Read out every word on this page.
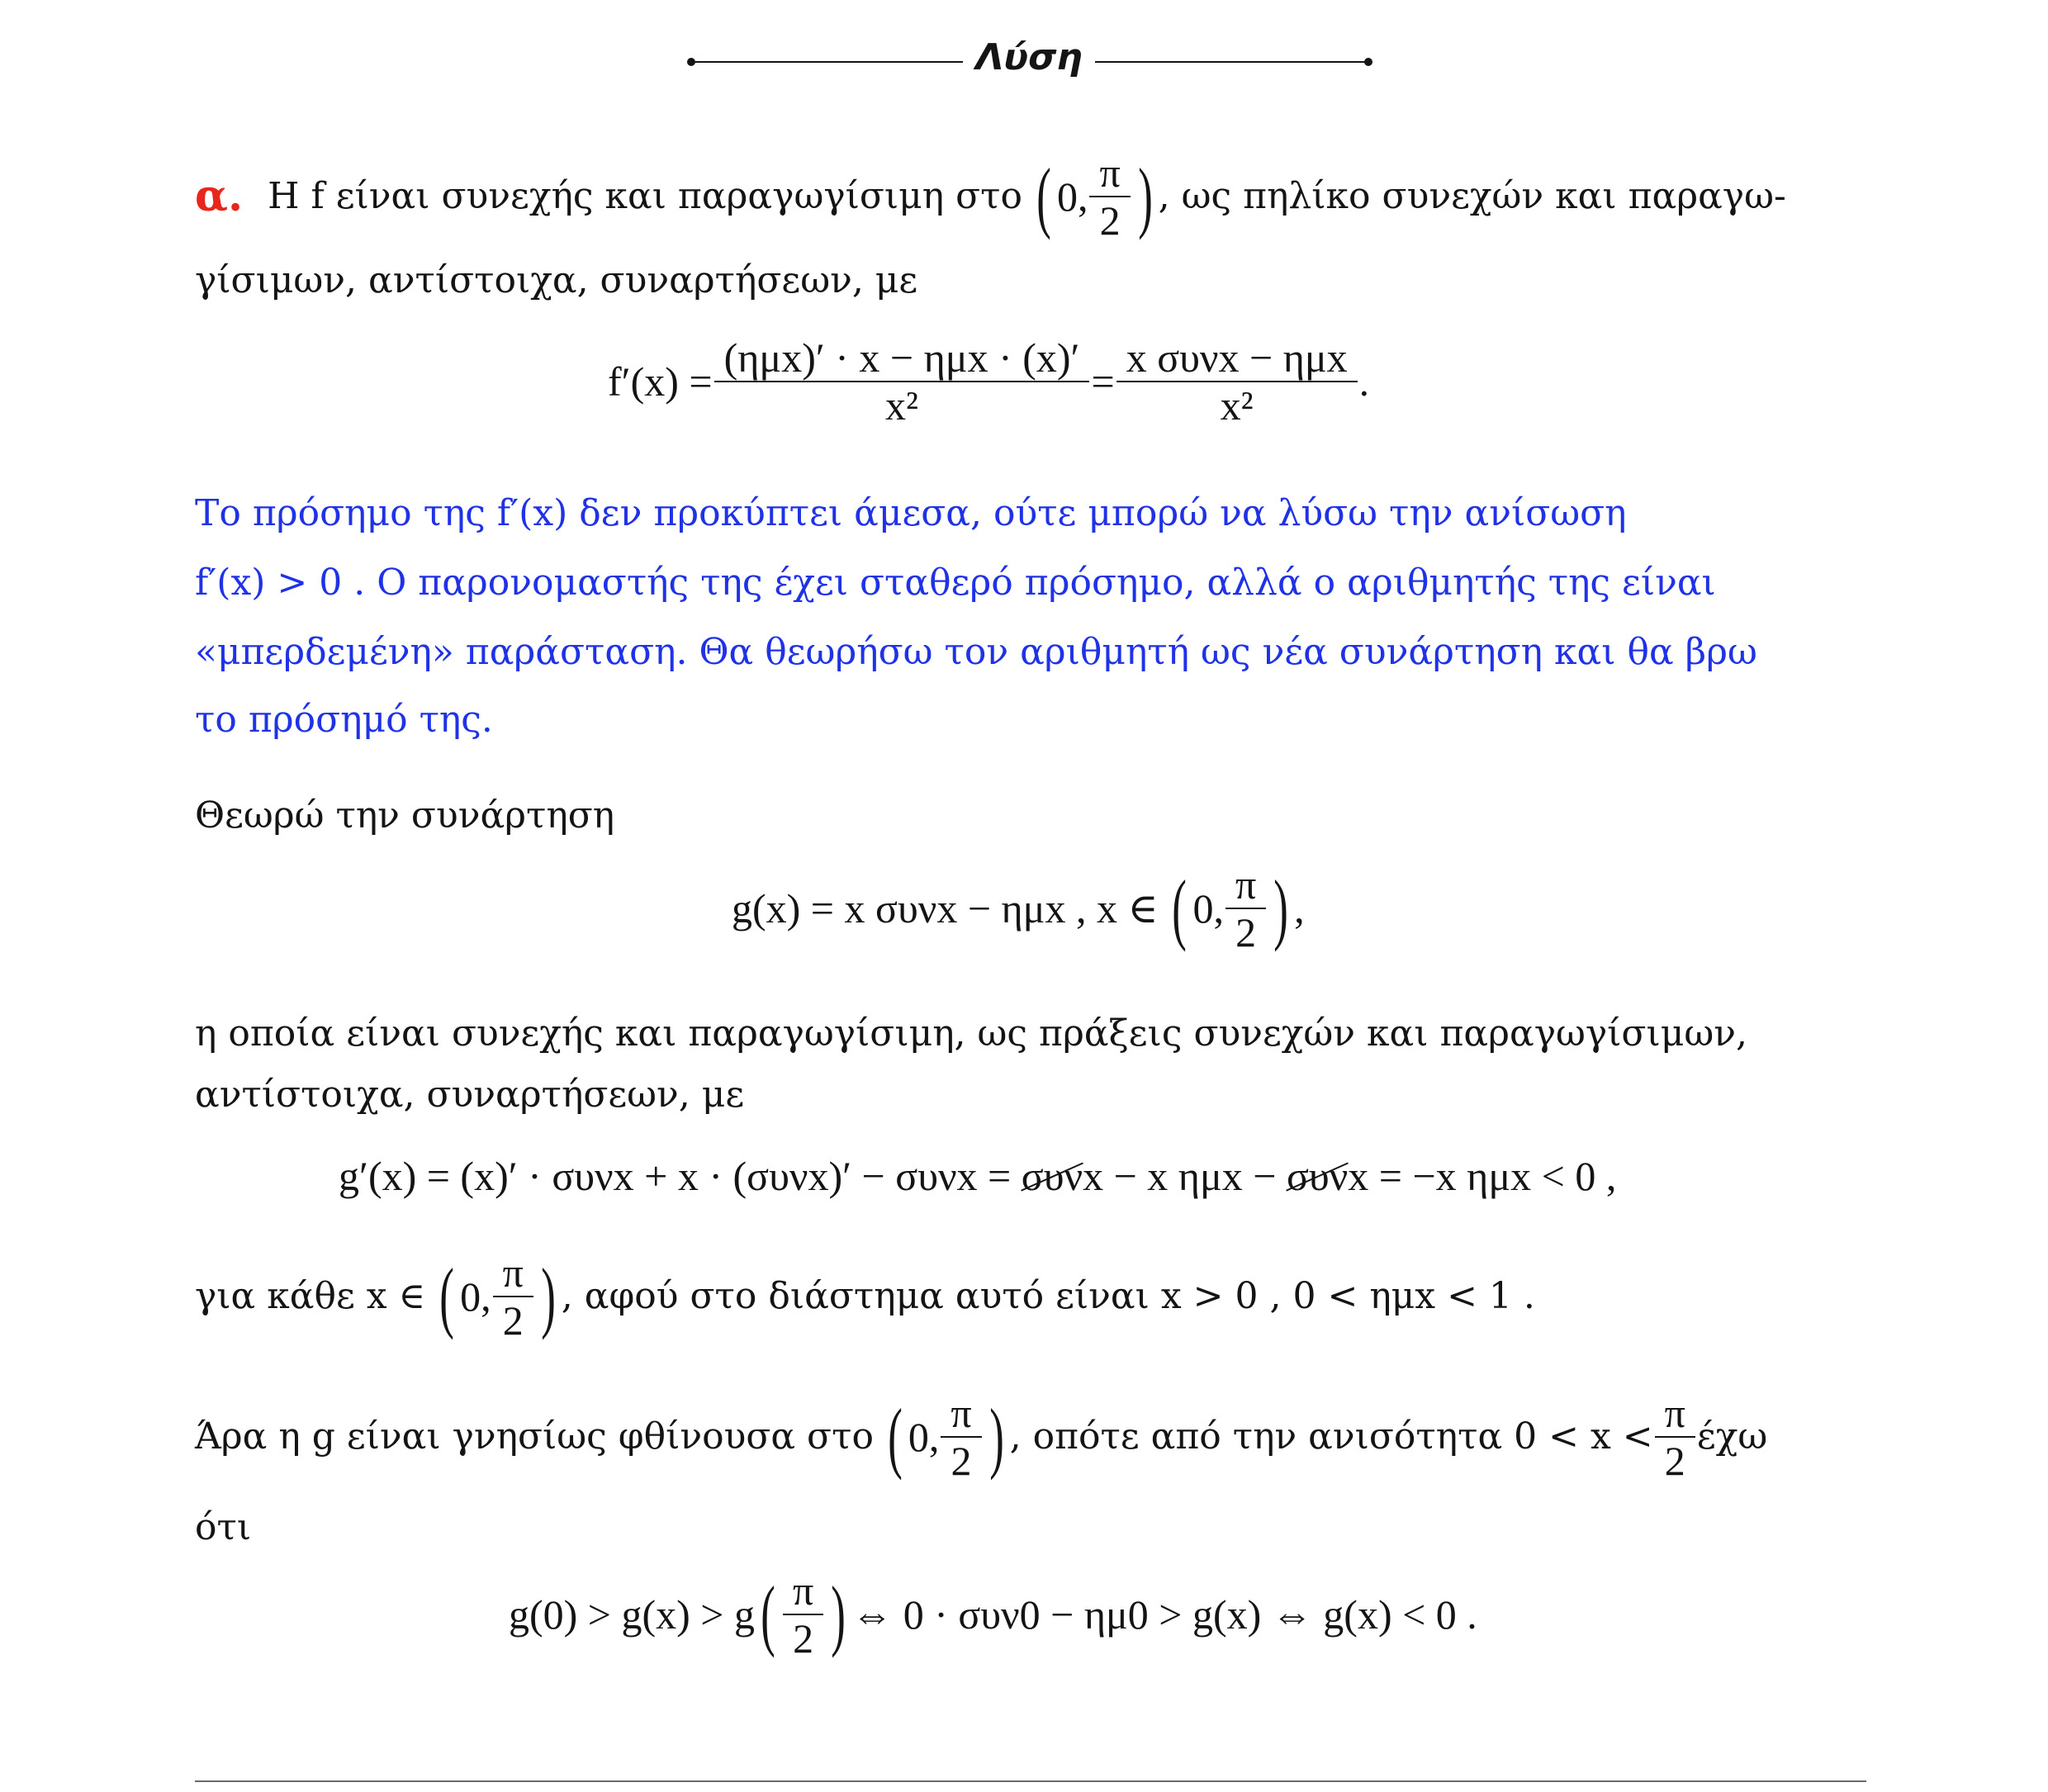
Λύση
α. Η f είναι συνεχής και παραγωγίσιμη στο ( 0, $\frac{\pi}{2}$ ) , ως πηλίκο συνεχών και παραγω-
γίσιμων, αντίστοιχα, συναρτήσεων, με
$f'(x) = \frac{\text{(ημx)′ · x − ημx · (x)′}}{\text{x²}} = \frac{\text{x συνx − ημx}}{\text{x²}}$ .
Το πρόσημο της f′(x) δεν προκύπτει άμεσα, ούτε μπορώ να λύσω την ανίσωση
f′(x) > 0 . Ο παρονομαστής της έχει σταθερό πρόσημο, αλλά ο αριθμητής της είναι
«μπερδεμένη» παράσταση. Θα θεωρήσω τον αριθμητή ως νέα συνάρτηση και θα βρω
το πρόσημό της.
Θεωρώ την συνάρτηση
g(x) = x συνx − ημx , x ∈ ( 0, $\frac{\pi}{2}$ ) ,
η οποία είναι συνεχής και παραγωγίσιμη, ως πράξεις συνεχών και παραγωγίσιμων,
αντίστοιχα, συναρτήσεων, με
g′(x) = (x)′ · συνx + x · (συνx)′ − συνx = συνx − x ημx − συνx = −x ημx < 0 ,
για κάθε x ∈ ( 0, $\frac{\pi}{2}$ ) , αφού στο διάστημα αυτό είναι x > 0 , 0 < ημx < 1 .
Άρα η g είναι γνησίως φθίνουσα στο ( 0, $\frac{\pi}{2}$ ) , οπότε από την ανισότητα $0 < x < \frac{\pi}{2}$ έχω
ότι
g(0) > g(x) > g ( $\frac{\pi}{2}$ ) ⇔ 0 · συν0 − ημ0 > g(x) ⇔ g(x) < 0 .
